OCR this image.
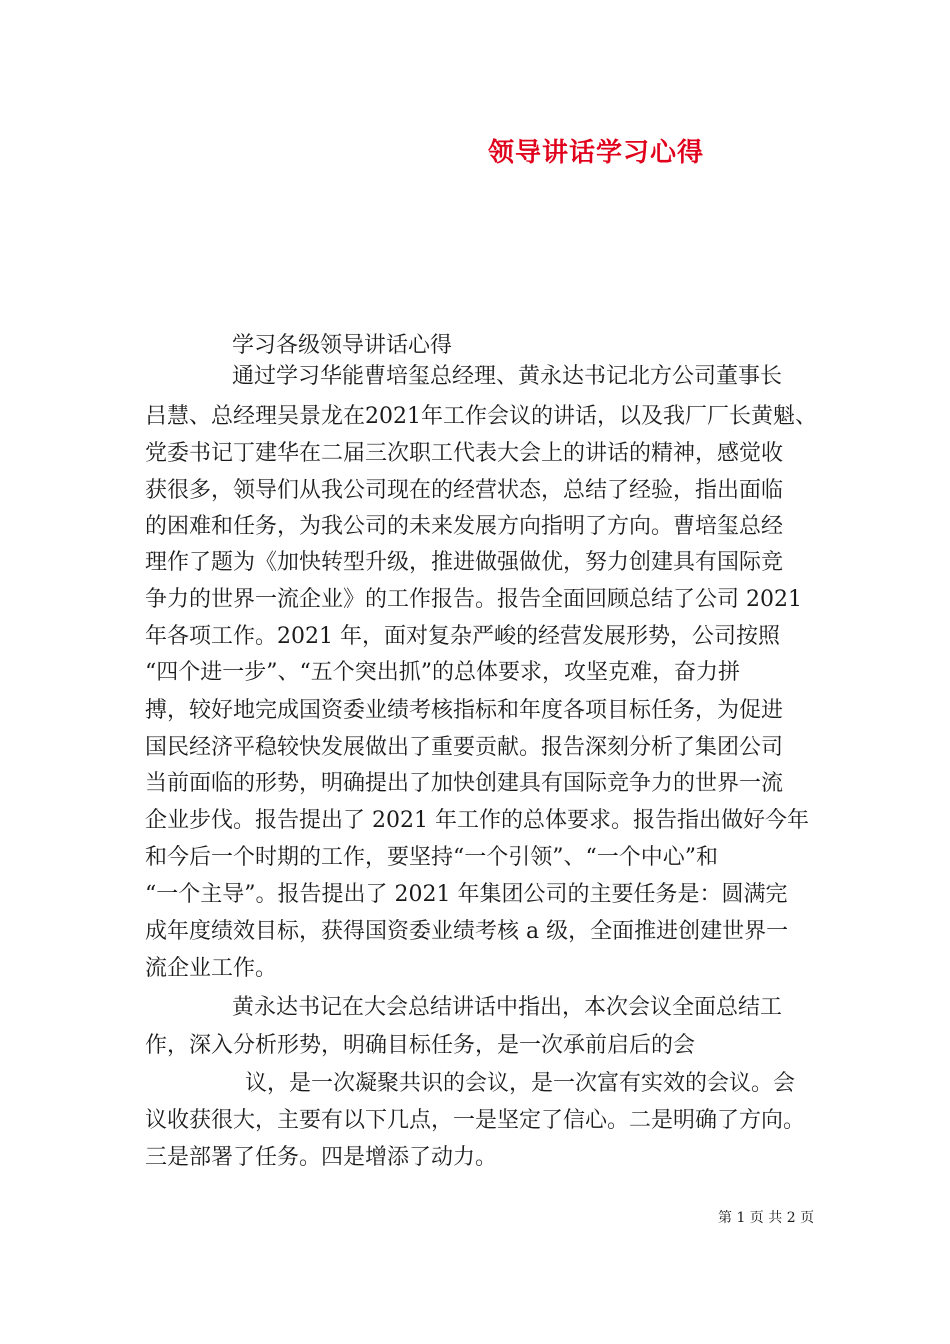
领导讲话学习心得

学习各级领导讲话心得

通过学习华能曹培玺总经理、黄永达书记北方公司董事长

吕慧、总经理吴景龙在2021年工作会议的讲话，以及我厂厂长黄魁、

党委书记丁建华在二届三次职工代表大会上的讲话的精神，感觉收

获很多，领导们从我公司现在的经营状态，总结了经验，指出面临

的困难和任务，为我公司的未来发展方向指明了方向。曹培玺总经

理作了题为《加快转型升级，推进做强做优，努力创建具有国际竞

争力的世界一流企业》的工作报告。报告全面回顾总结了公司 2021

年各项工作。2021 年，面对复杂严峻的经营发展形势，公司按照

“四个进一步”、“五个突出抓”的总体要求，攻坚克难，奋力拼

搏，较好地完成国资委业绩考核指标和年度各项目标任务，为促进

国民经济平稳较快发展做出了重要贡献。报告深刻分析了集团公司

当前面临的形势，明确提出了加快创建具有国际竞争力的世界一流

企业步伐。报告提出了 2021 年工作的总体要求。报告指出做好今年

和今后一个时期的工作，要坚持“一个引领”、“一个中心”和

“一个主导”。报告提出了 2021 年集团公司的主要任务是：圆满完

成年度绩效目标，获得国资委业绩考核 a 级，全面推进创建世界一

流企业工作。

黄永达书记在大会总结讲话中指出，本次会议全面总结工

作，深入分析形势，明确目标任务，是一次承前启后的会

议，是一次凝聚共识的会议，是一次富有实效的会议。会

议收获很大，主要有以下几点，一是坚定了信心。二是明确了方向。

三是部署了任务。四是增添了动力。

第 1 页 共 2 页
